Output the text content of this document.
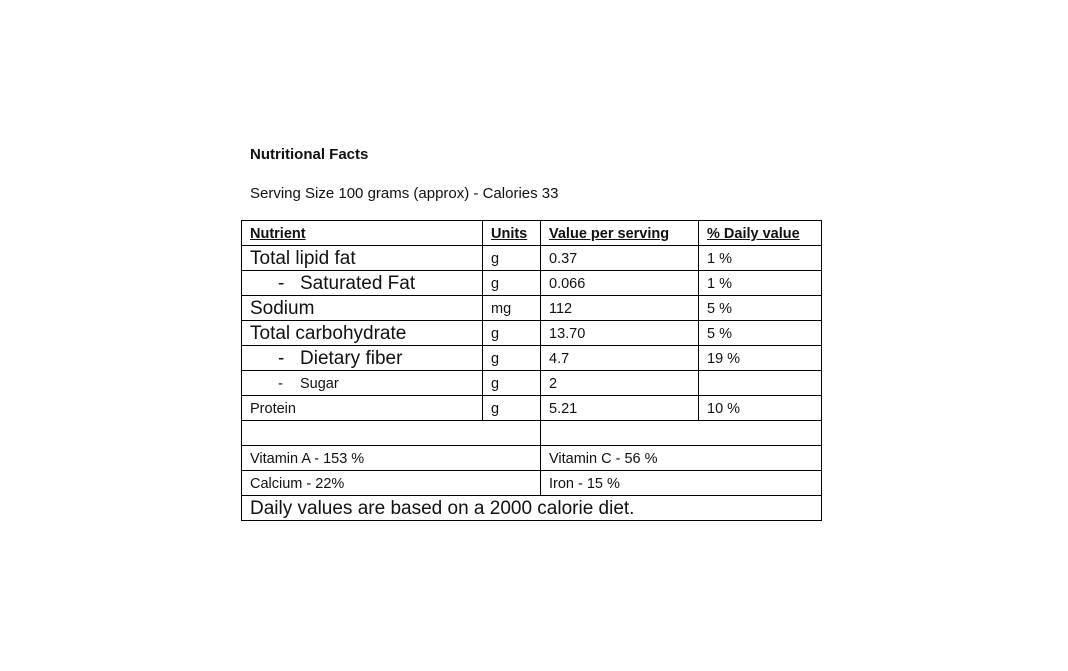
Nutritional Facts
Serving Size 100 grams (approx) - Calories 33
Nutrient	Units	Value per serving	% Daily value
Total lipid fat	g	0.37	1 %
- Saturated Fat	g	0.066	1 %
Sodium	mg	112	5 %
Total carbohydrate	g	13.70	5 %
- Dietary fiber	g	4.7	19 %
- Sugar	g	2	
Protein	g	5.21	10 %

Vitamin A - 153 %		Vitamin C - 56 %	
Calcium - 22%		Iron - 15 %	
Daily values are based on a 2000 calorie diet.			
